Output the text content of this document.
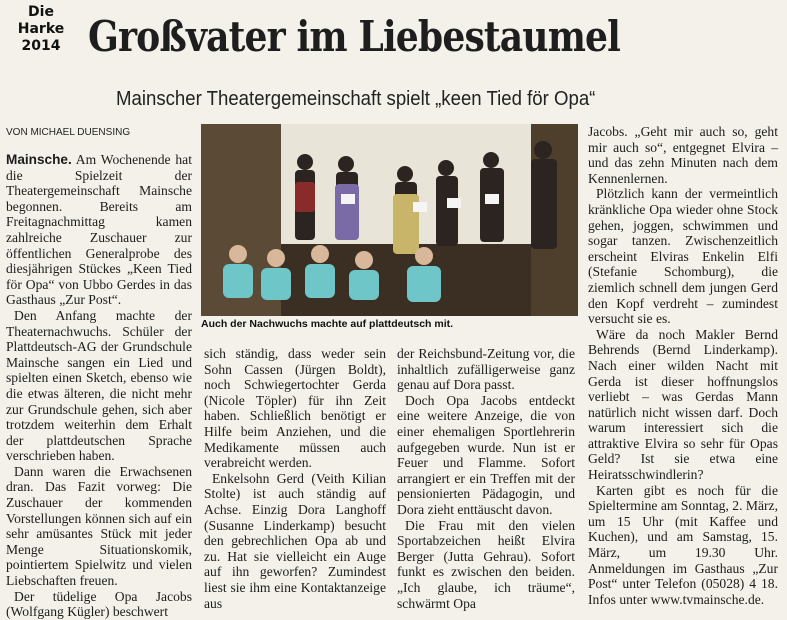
Die Harke
2014 Großvater im Liebestaumel
Mainscher Theatergemeinschaft spielt „keen Tied för Opa“
VON MICHAEL DUENSING

Mainsche. Am Wochenende hat die Spielzeit der Theatergemeinschaft Mainsche begonnen. Bereits am Freitagnachmittag kamen zahlreiche Zuschauer zur öffentlichen Generalprobe des diesjährigen Stückes „Keen Tied för Opa“ von Ubbo Gerdes in das Gasthaus „Zur Post“.

Den Anfang machte der Theaternachwuchs. Schüler der Plattdeutsch-AG der Grundschule Mainsche sangen ein Lied und spielten einen Sketch, ebenso wie die etwas älteren, die nicht mehr zur Grundschule gehen, sich aber trotzdem weiterhin dem Erhalt der plattdeutschen Sprache verschrieben haben.

Dann waren die Erwachsenen dran. Das Fazit vorweg: Die Zuschauer der kommenden Vorstellungen können sich auf ein sehr amüsantes Stück mit jeder Menge Situationskomik, pointiertem Spielwitz und vielen Liebschaften freuen.

Der tüdelige Opa Jacobs (Wolfgang Kügler) beschwert

Auch der Nachwuchs machte auf plattdeutsch mit.

sich ständig, dass weder sein Sohn Cassen (Jürgen Boldt), noch Schwiegertochter Gerda (Nicole Töpler) für ihn Zeit haben. Schließlich benötigt er Hilfe beim Anziehen, und die Medikamente müssen auch verabreicht werden.

Enkelsohn Gerd (Veith Kilian Stolte) ist auch ständig auf Achse. Einzig Dora Langhoff (Susanne Linderkamp) besucht den gebrechlichen Opa ab und zu. Hat sie vielleicht ein Auge auf ihn geworfen? Zumindest liest sie ihm eine Kontaktanzeige aus

der Reichsbund-Zeitung vor, die inhaltlich zufälligerweise ganz genau auf Dora passt.

Doch Opa Jacobs entdeckt eine weitere Anzeige, die von einer ehemaligen Sportlehrerin aufgegeben wurde. Nun ist er Feuer und Flamme. Sofort arrangiert er ein Treffen mit der pensionierten Pädagogin, und Dora zieht enttäuscht davon.

Die Frau mit den vielen Sportabzeichen heißt Elvira Berger (Jutta Gehrau). Sofort funkt es zwischen den beiden. „Ich glaube, ich träume“, schwärmt Opa

Jacobs. „Geht mir auch so, geht mir auch so“, entgegnet Elvira – und das zehn Minuten nach dem Kennenlernen.

Plötzlich kann der vermeintlich kränkliche Opa wieder ohne Stock gehen, joggen, schwimmen und sogar tanzen. Zwischenzeitlich erscheint Elviras Enkelin Elfi (Stefanie Schomburg), die ziemlich schnell dem jungen Gerd den Kopf verdreht – zumindest versucht sie es.

Wäre da noch Makler Bernd Behrends (Bernd Linderkamp). Nach einer wilden Nacht mit Gerda ist dieser hoffnungslos verliebt – was Gerdas Mann natürlich nicht wissen darf. Doch warum interessiert sich die attraktive Elvira so sehr für Opas Geld? Ist sie etwa eine Heiratsschwindlerin?

Karten gibt es noch für die Spieltermine am Sonntag, 2. März, um 15 Uhr (mit Kaffee und Kuchen), und am Samstag, 15. März, um 19.30 Uhr. Anmeldungen im Gasthaus „Zur Post“ unter Telefon (05028) 4 18. Infos unter www.tvmainsche.de.
